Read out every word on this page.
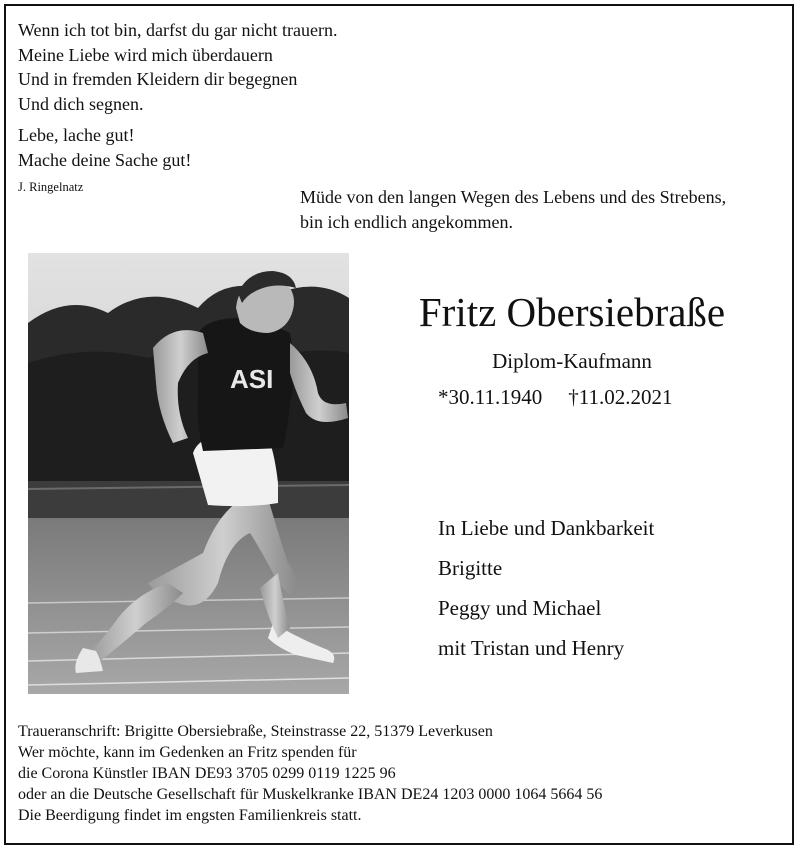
Wenn ich tot bin, darfst du gar nicht trauern.
Meine Liebe wird mich überdauern
Und in fremden Kleidern dir begegnen
Und dich segnen.
Lebe, lache gut!
Mache deine Sache gut!
J. Ringelnatz	Müde von den langen Wegen des Lebens und des Strebens,
bin ich endlich angekommen.
ASI
Fritz Obersiebraße
Diplom-Kaufmann
*30.11.1940 †11.02.2021
In Liebe und Dankbarkeit
Brigitte
Peggy und Michael
mit Tristan und Henry
Traueranschrift: Brigitte Obersiebraße, Steinstrasse 22, 51379 Leverkusen
Wer möchte, kann im Gedenken an Fritz spenden für
die Corona Künstler IBAN DE93 3705 0299 0119 1225 96
oder an die Deutsche Gesellschaft für Muskelkranke IBAN DE24 1203 0000 1064 5664 56
Die Beerdigung findet im engsten Familienkreis statt.
